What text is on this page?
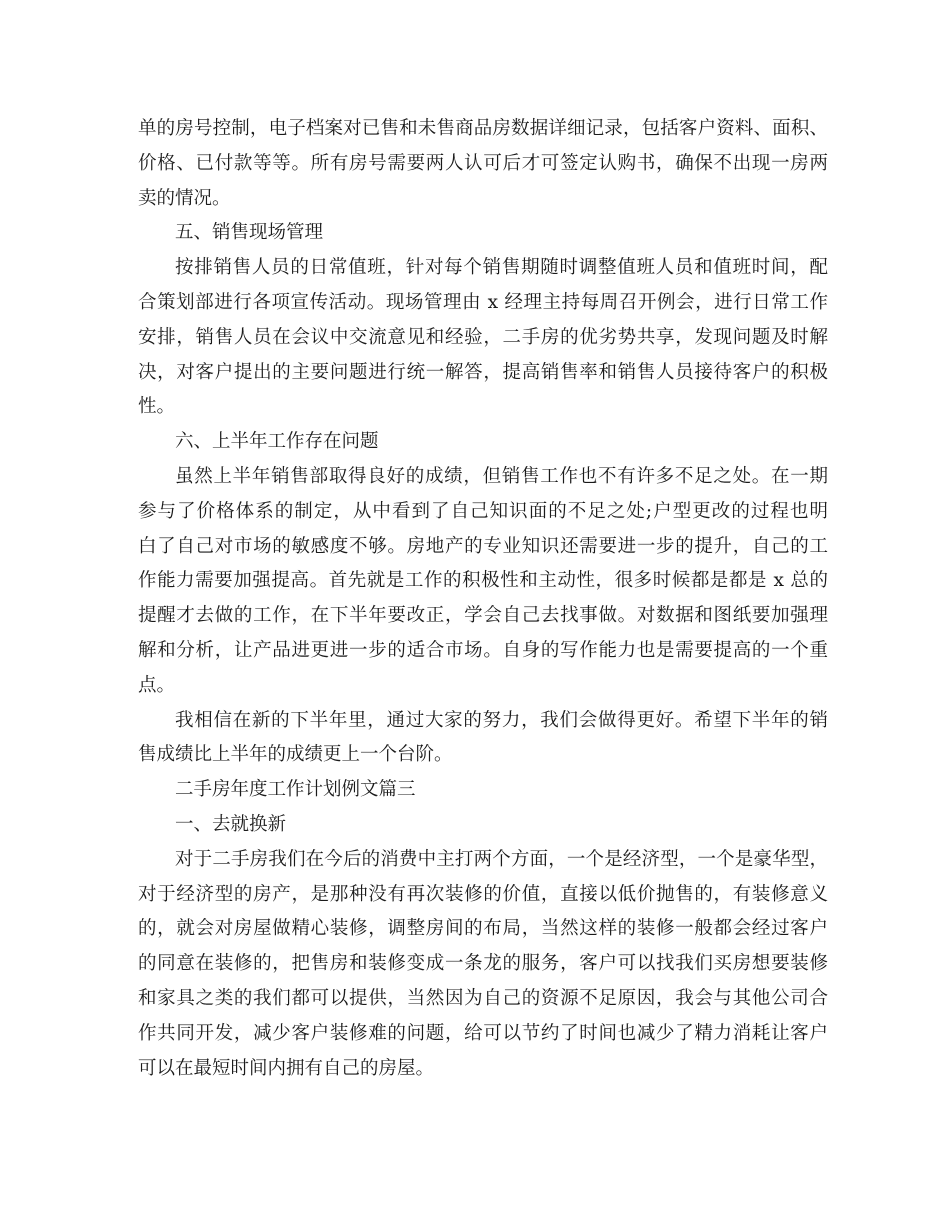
单的房号控制，电子档案对已售和未售商品房数据详细记录，包括客户资料、面积、
价格、已付款等等。所有房号需要两人认可后才可签定认购书，确保不出现一房两
卖的情况。
五、销售现场管理
按排销售人员的日常值班，针对每个销售期随时调整值班人员和值班时间，配
合策划部进行各项宣传活动。现场管理由 x 经理主持每周召开例会，进行日常工作
安排，销售人员在会议中交流意见和经验，二手房的优劣势共享，发现问题及时解
决，对客户提出的主要问题进行统一解答，提高销售率和销售人员接待客户的积极
性。
六、上半年工作存在问题
虽然上半年销售部取得良好的成绩，但销售工作也不有许多不足之处。在一期
参与了价格体系的制定，从中看到了自己知识面的不足之处;户型更改的过程也明
白了自己对市场的敏感度不够。房地产的专业知识还需要进一步的提升，自己的工
作能力需要加强提高。首先就是工作的积极性和主动性，很多时候都是都是 x 总的
提醒才去做的工作，在下半年要改正，学会自己去找事做。对数据和图纸要加强理
解和分析，让产品进更进一步的适合市场。自身的写作能力也是需要提高的一个重
点。
我相信在新的下半年里，通过大家的努力，我们会做得更好。希望下半年的销
售成绩比上半年的成绩更上一个台阶。
二手房年度工作计划例文篇三
一、去就换新
对于二手房我们在今后的消费中主打两个方面，一个是经济型，一个是豪华型，
对于经济型的房产，是那种没有再次装修的价值，直接以低价抛售的，有装修意义
的，就会对房屋做精心装修，调整房间的布局，当然这样的装修一般都会经过客户
的同意在装修的，把售房和装修变成一条龙的服务，客户可以找我们买房想要装修
和家具之类的我们都可以提供，当然因为自己的资源不足原因，我会与其他公司合
作共同开发，减少客户装修难的问题，给可以节约了时间也减少了精力消耗让客户
可以在最短时间内拥有自己的房屋。
